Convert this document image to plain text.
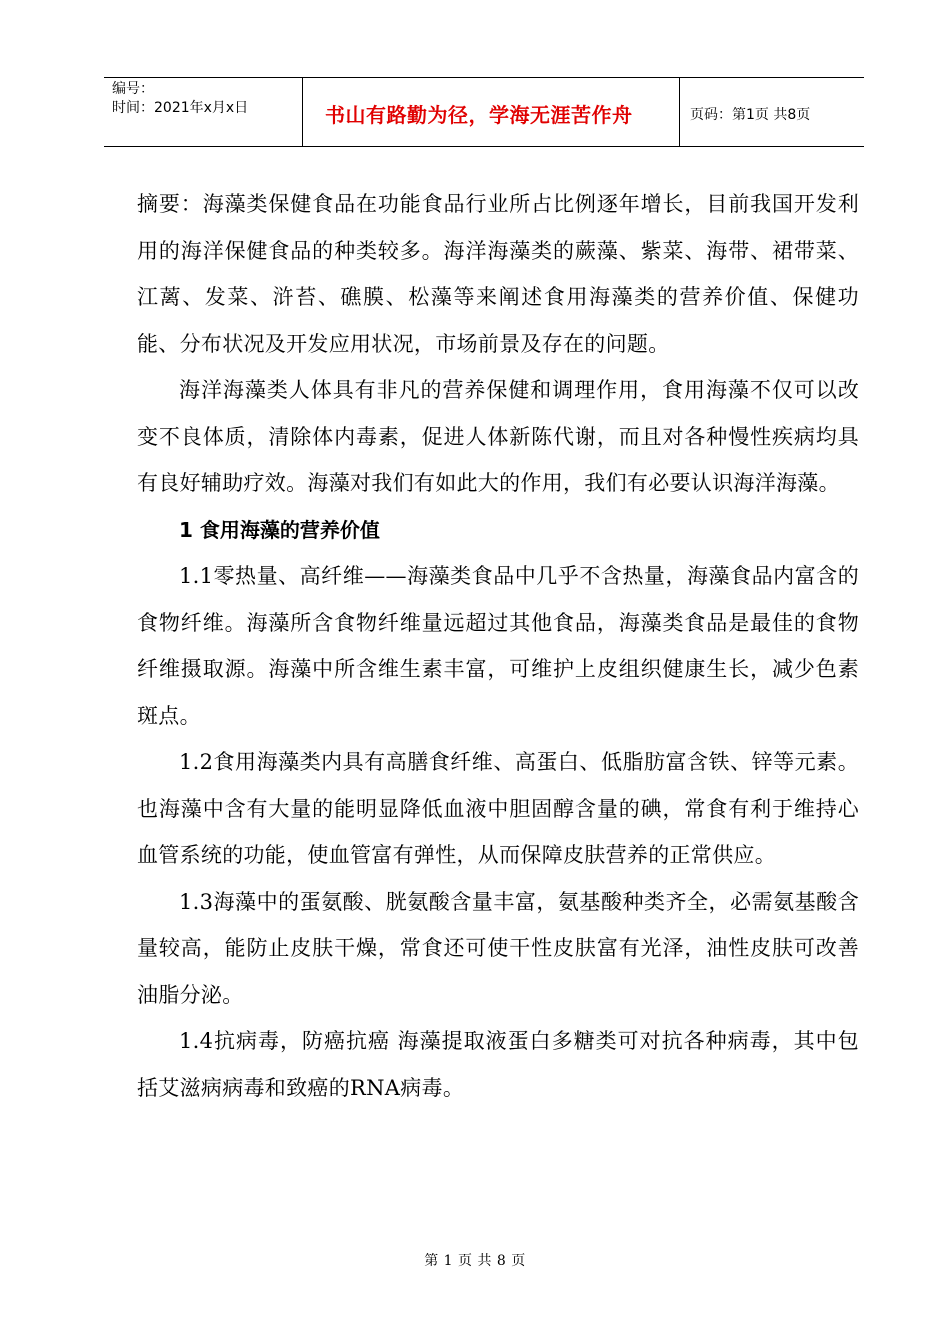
编号：
时间：2021年x月x日	书山有路勤为径，学海无涯苦作舟	页码：第1页 共8页

摘要：海藻类保健食品在功能食品行业所占比例逐年增长，目前我国开发利用的海洋保健食品的种类较多。海洋海藻类的蕨藻、紫菜、海带、裙带菜、江蓠、发菜、浒苔、礁膜、松藻等来阐述食用海藻类的营养价值、保健功能、分布状况及开发应用状况，市场前景及存在的问题。

海洋海藻类人体具有非凡的营养保健和调理作用，食用海藻不仅可以改变不良体质，清除体内毒素，促进人体新陈代谢，而且对各种慢性疾病均具有良好辅助疗效。海藻对我们有如此大的作用，我们有必要认识海洋海藻。

1 食用海藻的营养价值

1.1零热量、高纤维——海藻类食品中几乎不含热量，海藻食品内富含的食物纤维。海藻所含食物纤维量远超过其他食品，海藻类食品是最佳的食物纤维摄取源。海藻中所含维生素丰富，可维护上皮组织健康生长，减少色素斑点。

1.2食用海藻类内具有高膳食纤维、高蛋白、低脂肪富含铁、锌等元素。也海藻中含有大量的能明显降低血液中胆固醇含量的碘，常食有利于维持心血管系统的功能，使血管富有弹性，从而保障皮肤营养的正常供应。

1.3海藻中的蛋氨酸、胱氨酸含量丰富，氨基酸种类齐全，必需氨基酸含量较高，能防止皮肤干燥，常食还可使干性皮肤富有光泽，油性皮肤可改善油脂分泌。

1.4抗病毒，防癌抗癌 海藻提取液蛋白多糖类可对抗各种病毒，其中包括艾滋病病毒和致癌的RNA病毒。

第 1 页 共 8 页
